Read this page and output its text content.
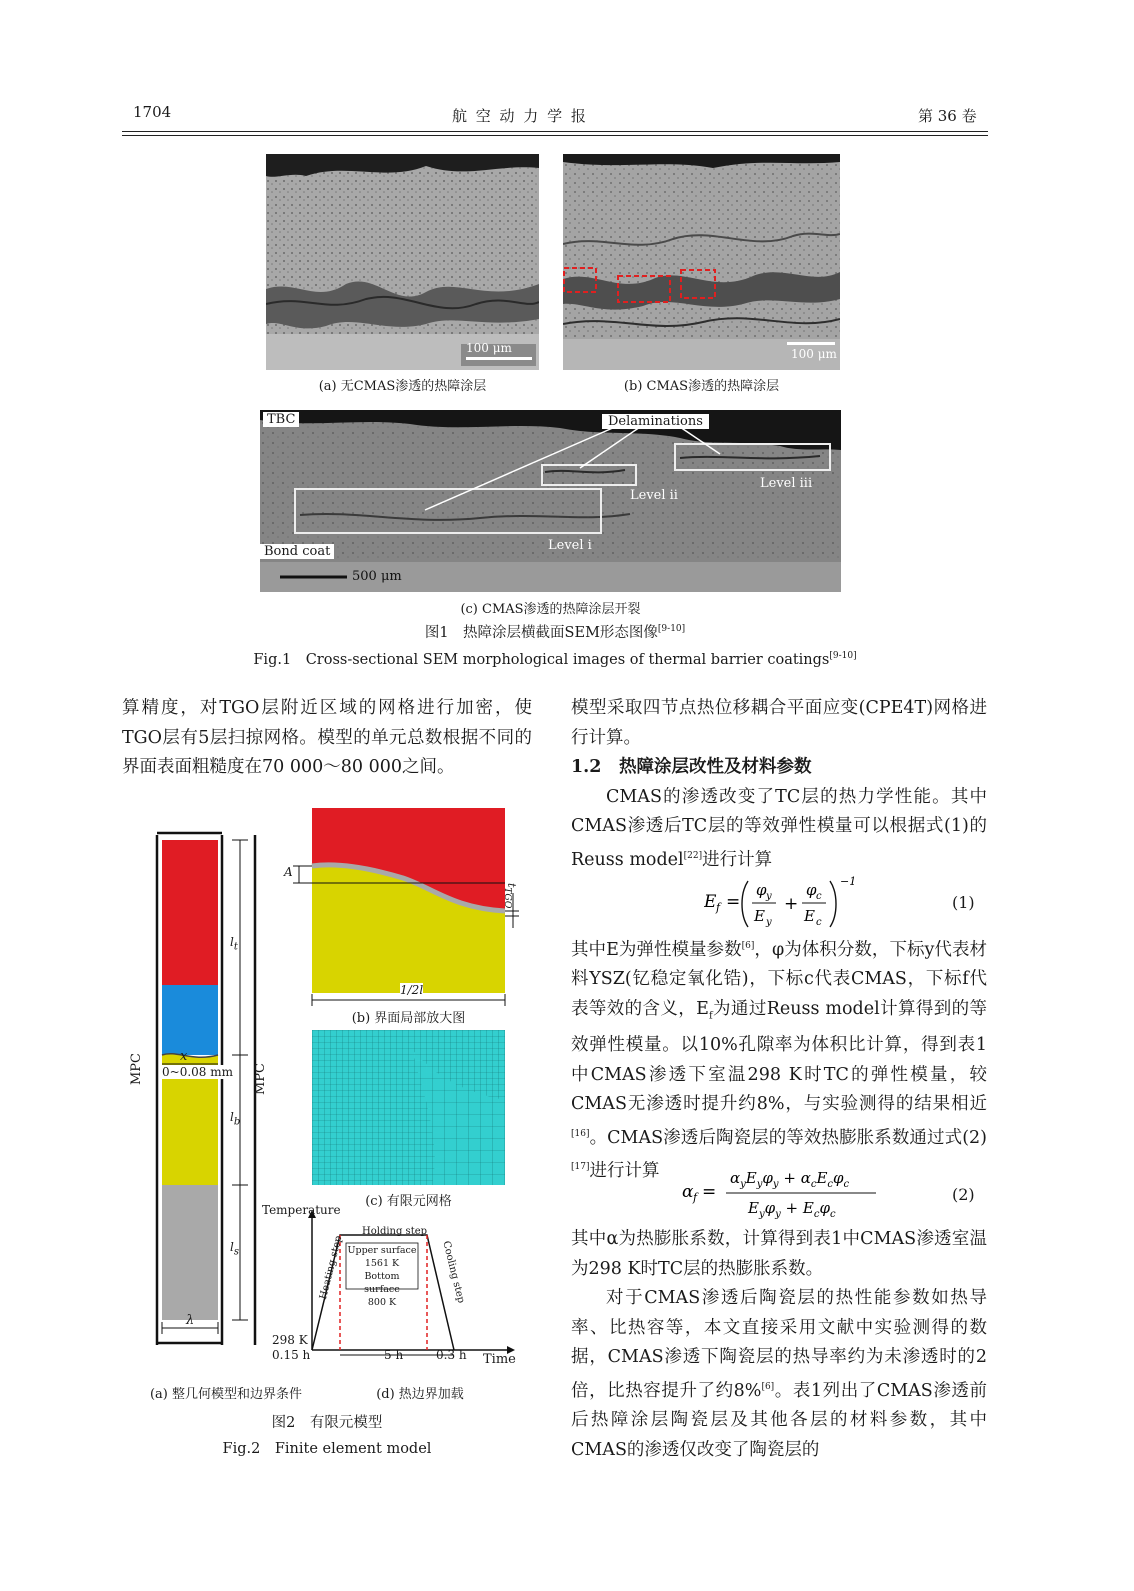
1704	航 空 动 力 学 报	第 36 卷
100 μm
(a) 无CMAS渗透的热障涂层
100 μm
(b) CMAS渗透的热障涂层
TBC	Delaminations
Bond coat	Level i
Level ii
Level iii
500 μm
(c) CMAS渗透的热障涂层开裂
图1　热障涂层横截面SEM形态图像[9-10]
Fig.1　Cross-sectional SEM morphological images of thermal barrier coatings[9-10]
算精度，对TGO层附近区域的网格进行加密，使TGO层有5层扫掠网格。模型的单元总数根据不同的界面表面粗糙度在70 000～80 000之间。
MPC	MPC
x
0~0.08 mm
$l_t$
$l_b$
$l_s$
λ
(a) 整几何模型和边界条件
A
$t_{TGO}$
1/2l
(b) 界面局部放大图
(c) 有限元网格
Temperature
Holding step
Heating step	Cooling step
Upper surface
1561 K
Bottom surface
800 K
298 K
0.15 h	5 h	0.3 h Time
(d) 热边界加载
图2　有限元模型
Fig.2　Finite element model

模型采取四节点热位移耦合平面应变(CPE4T)网格进行计算。

1.2　热障涂层改性及材料参数

CMAS的渗透改变了TC层的热力学性能。其中CMAS渗透后TC层的等效弹性模量可以根据式(1)的Reuss model[22]进行计算

E f =
φ y
E y
+
φ c
E c
−1
(1)

其中E为弹性模量参数[6]，φ为体积分数，下标y代表材料YSZ(钇稳定氧化锆)，下标c代表CMAS，下标f代表等效的含义，$E_f$为通过Reuss model计算得到的等效弹性模量。以10%孔隙率为体积比计算，得到表1中CMAS渗透下室温298 K时TC的弹性模量，较CMAS无渗透时提升约8%，与实验测得的结果相近[16]。CMAS渗透后陶瓷层的等效热膨胀系数通过式(2)[17]进行计算

α f =
$\alpha_yE_y\varphi_y + \alpha_cE_c\varphi_c$
$E_y\varphi_y + E_c\varphi_c$
(2)

其中α为热膨胀系数，计算得到表1中CMAS渗透室温为298 K时TC层的热膨胀系数。

对于CMAS渗透后陶瓷层的热性能参数如热导率、比热容等，本文直接采用文献中实验测得的数据，CMAS渗透下陶瓷层的热导率约为未渗透时的2倍，比热容提升了约8%[6]。表1列出了CMAS渗透前后热障涂层陶瓷层及其他各层的材料参数，其中CMAS的渗透仅改变了陶瓷层的
